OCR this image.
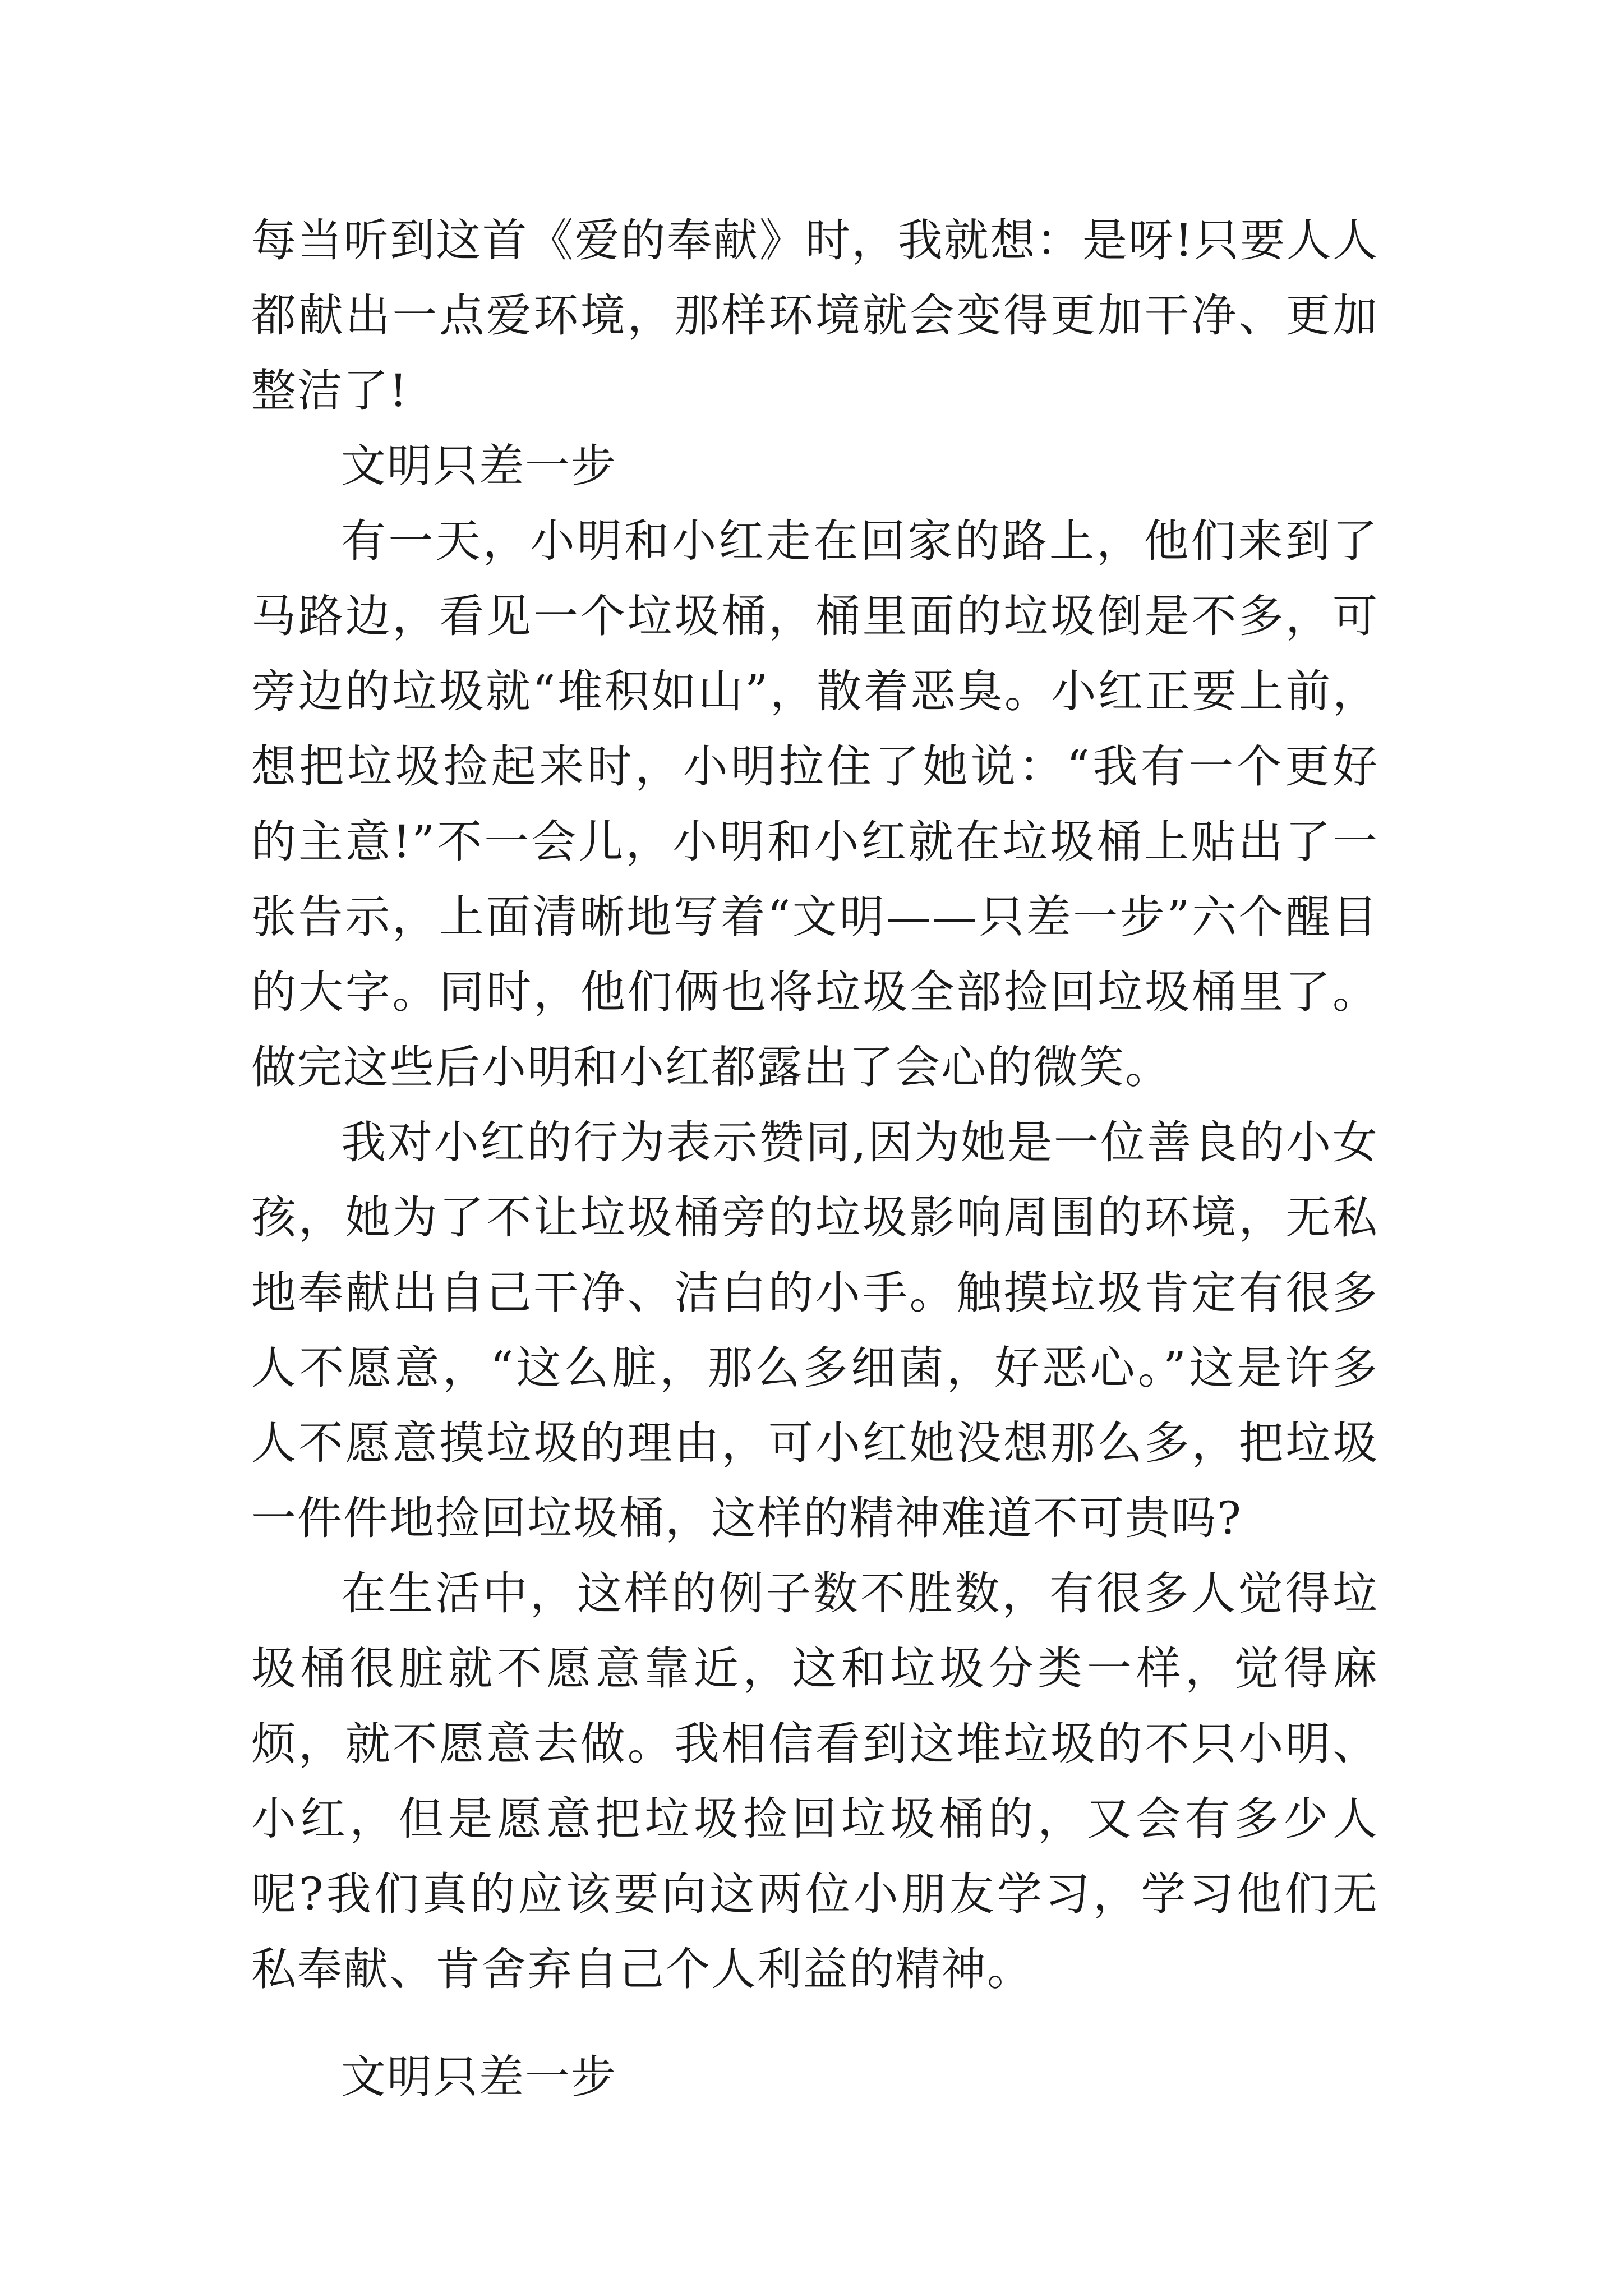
每当听到这首《爱的奉献》时，我就想：是呀!只要人人都献出一点爱环境，那样环境就会变得更加干净、更加整洁了!

文明只差一步

有一天，小明和小红走在回家的路上，他们来到了马路边，看见一个垃圾桶，桶里面的垃圾倒是不多，可旁边的垃圾就“堆积如山”，散着恶臭。小红正要上前，想把垃圾捡起来时，小明拉住了她说：“我有一个更好的主意!”不一会儿，小明和小红就在垃圾桶上贴出了一张告示，上面清晰地写着“文明——只差一步”六个醒目的大字。同时，他们俩也将垃圾全部捡回垃圾桶里了。做完这些后小明和小红都露出了会心的微笑。

我对小红的行为表示赞同,因为她是一位善良的小女孩，她为了不让垃圾桶旁的垃圾影响周围的环境，无私地奉献出自己干净、洁白的小手。触摸垃圾肯定有很多人不愿意，“这么脏，那么多细菌，好恶心。”这是许多人不愿意摸垃圾的理由，可小红她没想那么多，把垃圾一件件地捡回垃圾桶，这样的精神难道不可贵吗?

在生活中，这样的例子数不胜数，有很多人觉得垃圾桶很脏就不愿意靠近，这和垃圾分类一样，觉得麻烦，就不愿意去做。我相信看到这堆垃圾的不只小明、小红，但是愿意把垃圾捡回垃圾桶的，又会有多少人呢?我们真的应该要向这两位小朋友学习，学习他们无私奉献、肯舍弃自己个人利益的精神。

文明只差一步
